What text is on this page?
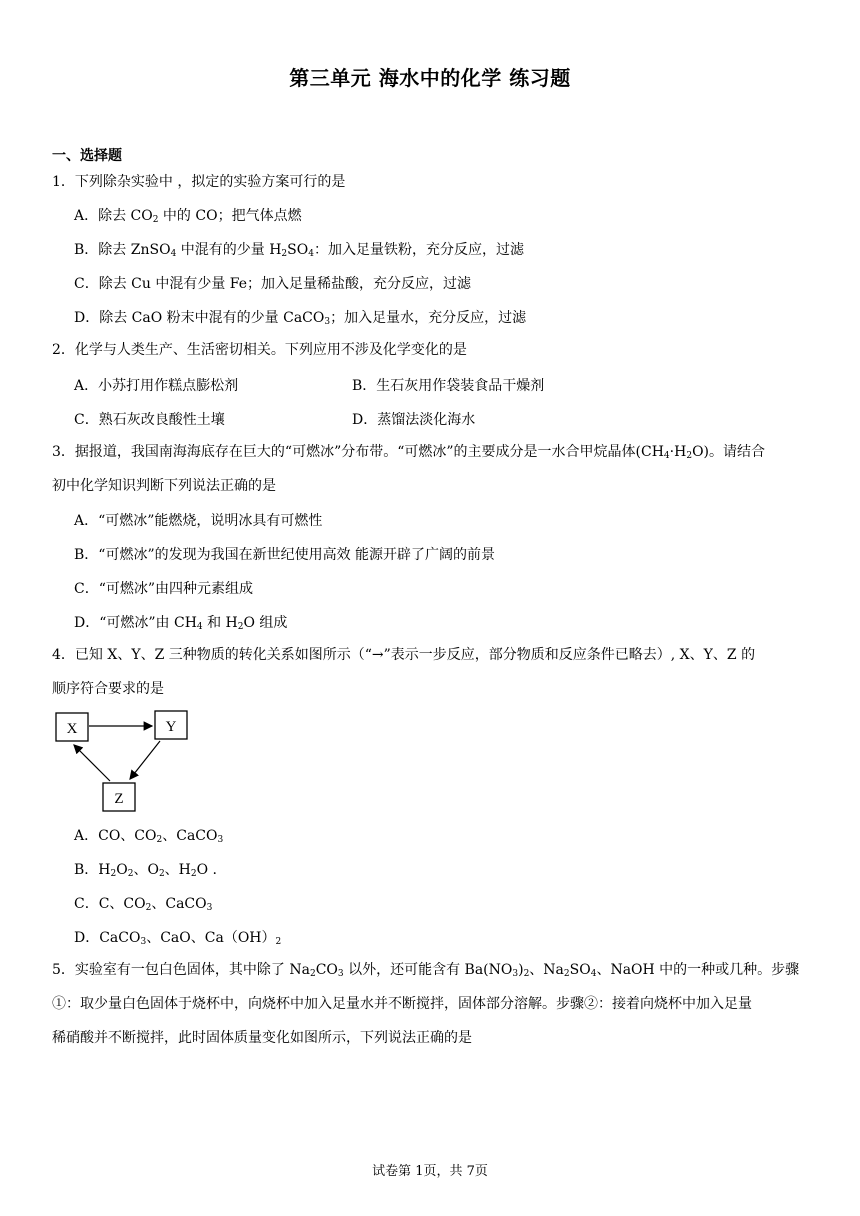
第三单元 海水中的化学 练习题
一、选择题
1．下列除杂实验中 ，拟定的实验方案可行的是
A．除去 $CO_2$ 中的 CO；把气体点燃
B．除去 ZnSO$_4$ 中混有的少量 $H_2SO_4$：加入足量铁粉，充分反应，过滤
C．除去 Cu 中混有少量 Fe；加入足量稀盐酸，充分反应，过滤
D．除去 CaO 粉末中混有的少量 CaCO$_3$；加入足量水，充分反应，过滤
2．化学与人类生产、生活密切相关。下列应用不涉及化学变化的是
A．小苏打用作糕点膨松剂	B．生石灰用作袋装食品干燥剂
C．熟石灰改良酸性土壤	D．蒸馏法淡化海水
3．据报道，我国南海海底存在巨大的“可燃冰”分布带。“可燃冰”的主要成分是一水合甲烷晶体$(CH_4\cdot H_2O)$。请结合
初中化学知识判断下列说法正确的是
A．“可燃冰”能燃烧，说明冰具有可燃性
B．“可燃冰”的发现为我国在新世纪使用高效 能源开辟了广阔的前景
C．“可燃冰”由四种元素组成
D．“可燃冰”由 $CH_4$ 和 $H_2O$ 组成
4．已知 X、Y、Z 三种物质的转化关系如图所示（“→”表示一步反应，部分物质和反应条件已略去）, X、Y、Z 的
顺序符合要求的是
X	Y
Z
A．CO、$CO_2$、CaCO$_3$
B．$H_2O_2$、$O_2$、$H_2O$ .
C．C、$CO_2$、CaCO$_3$
D．CaCO$_3$、CaO、$Ca(OH)_2$
5．实验室有一包白色固体，其中除了 $Na_2CO_3$ 以外，还可能含有 $Ba(NO_3)_2$、$Na_2SO_4$、NaOH 中的一种或几种。步骤
①：取少量白色固体于烧杯中，向烧杯中加入足量水并不断搅拌，固体部分溶解。步骤②：接着向烧杯中加入足量
稀硝酸并不断搅拌，此时固体质量变化如图所示，下列说法正确的是
试卷第 1页，共 7页
